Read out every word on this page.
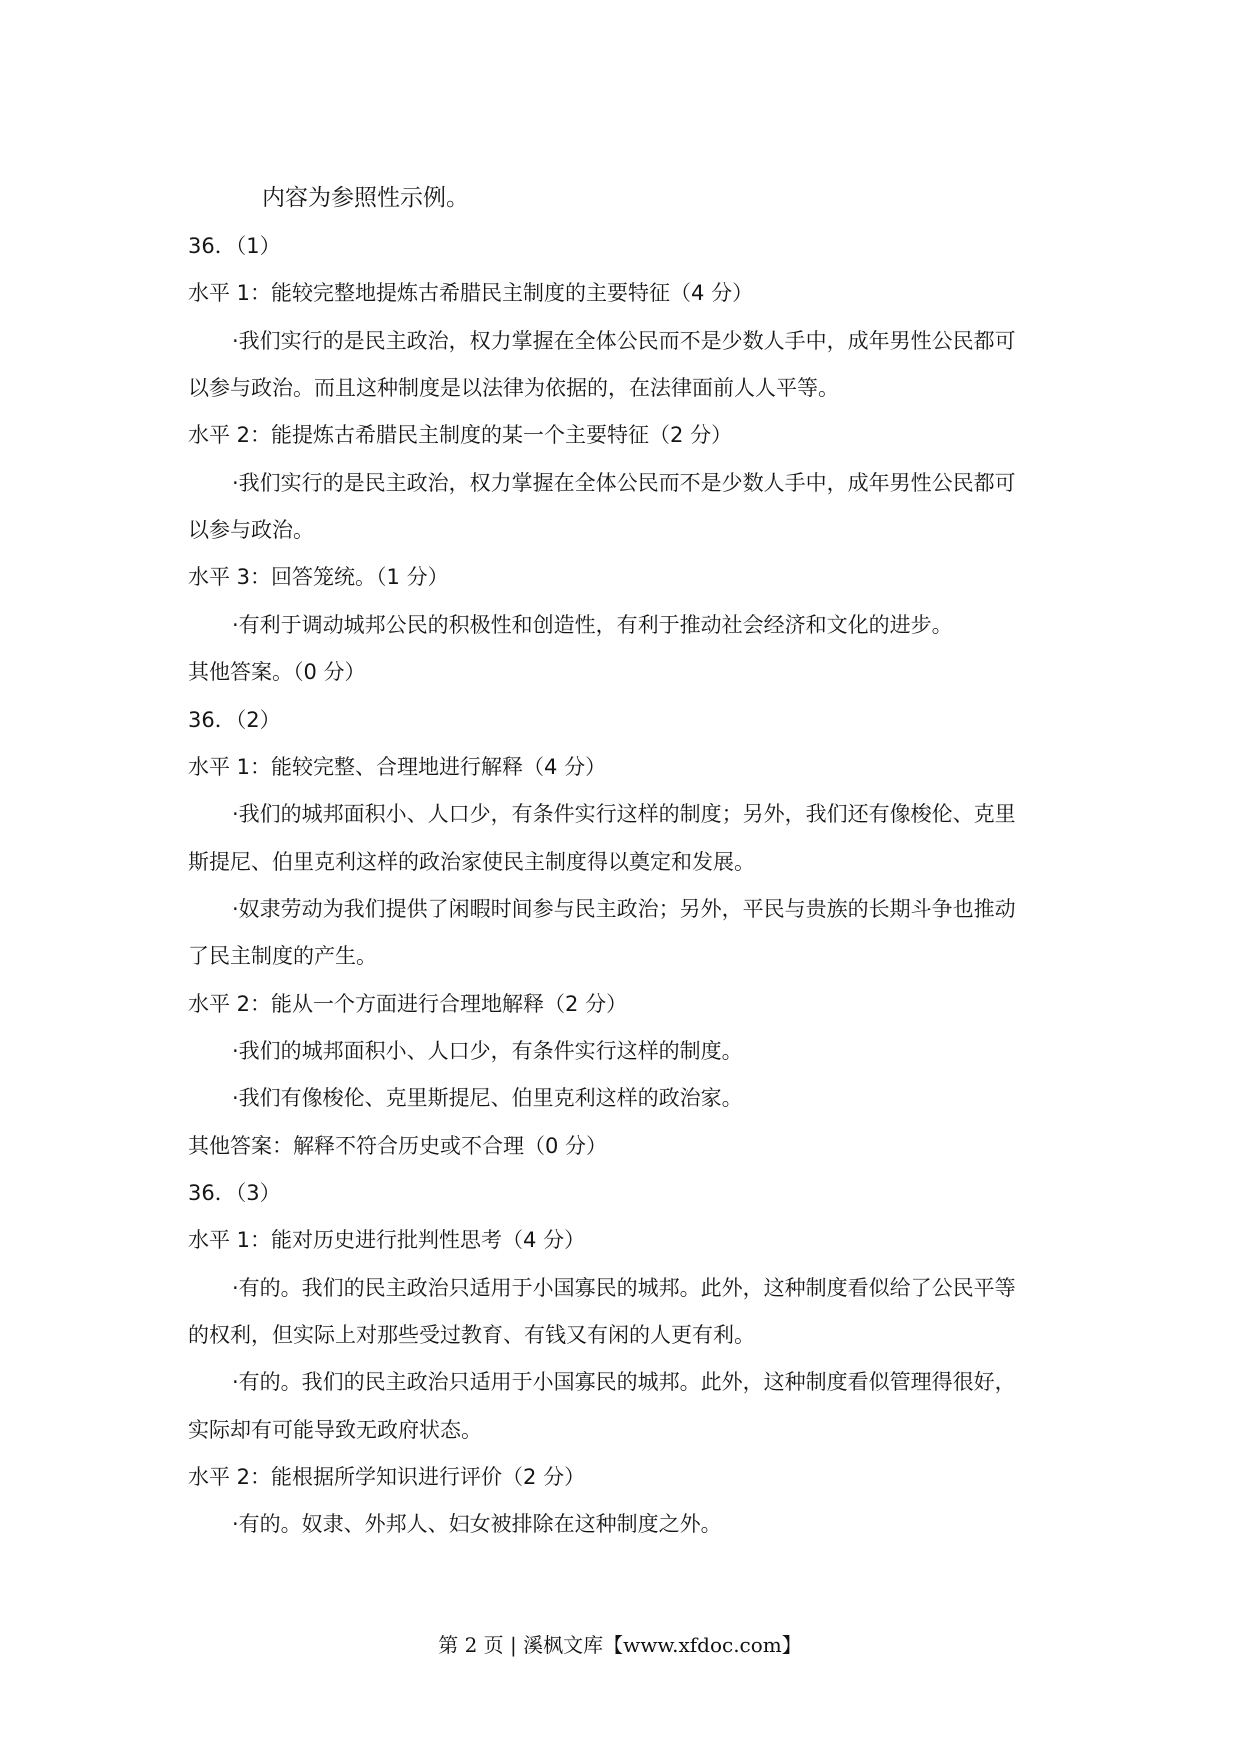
内容为参照性示例。
36．（1）
水平 1：能较完整地提炼古希腊民主制度的主要特征（4 分）
·我们实行的是民主政治，权力掌握在全体公民而不是少数人手中，成年男性公民都可
以参与政治。而且这种制度是以法律为依据的，在法律面前人人平等。
水平 2：能提炼古希腊民主制度的某一个主要特征（2 分）
·我们实行的是民主政治，权力掌握在全体公民而不是少数人手中，成年男性公民都可
以参与政治。
水平 3：回答笼统。（1 分）
·有利于调动城邦公民的积极性和创造性，有利于推动社会经济和文化的进步。
其他答案。（0 分）
36．（2）
水平 1：能较完整、合理地进行解释（4 分）
·我们的城邦面积小、人口少，有条件实行这样的制度；另外，我们还有像梭伦、克里
斯提尼、伯里克利这样的政治家使民主制度得以奠定和发展。
·奴隶劳动为我们提供了闲暇时间参与民主政治；另外，平民与贵族的长期斗争也推动
了民主制度的产生。
水平 2：能从一个方面进行合理地解释（2 分）
·我们的城邦面积小、人口少，有条件实行这样的制度。
·我们有像梭伦、克里斯提尼、伯里克利这样的政治家。
其他答案：解释不符合历史或不合理（0 分）
36．（3）
水平 1：能对历史进行批判性思考（4 分）
·有的。我们的民主政治只适用于小国寡民的城邦。此外，这种制度看似给了公民平等
的权利，但实际上对那些受过教育、有钱又有闲的人更有利。
·有的。我们的民主政治只适用于小国寡民的城邦。此外，这种制度看似管理得很好，
实际却有可能导致无政府状态。
水平 2：能根据所学知识进行评价（2 分）
·有的。奴隶、外邦人、妇女被排除在这种制度之外。
第 2 页 | 溪枫文库【www.xfdoc.com】
